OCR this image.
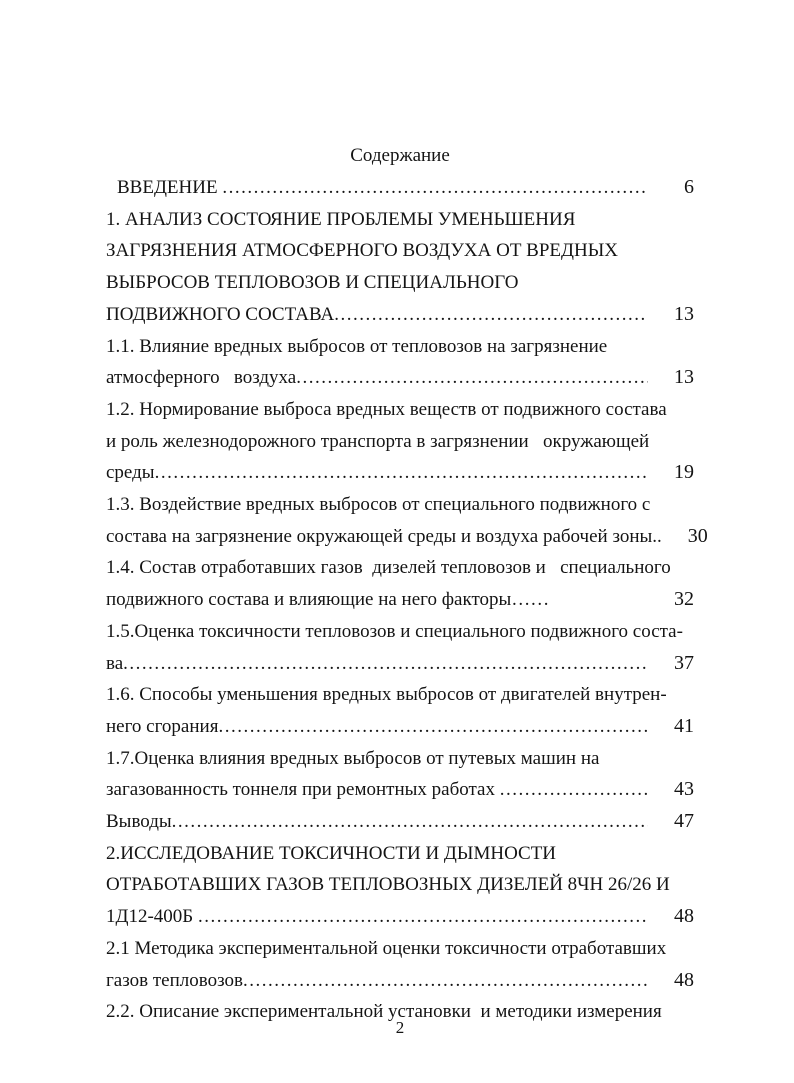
Содержание
ВВЕДЕНИЕ .....	6
1. АНАЛИЗ СОСТОЯНИЕ ПРОБЛЕМЫ УМЕНЬШЕНИЯ
ЗАГРЯЗНЕНИЯ АТМОСФЕРНОГО ВОЗДУХА ОТ ВРЕДНЫХ
ВЫБРОСОВ ТЕПЛОВОЗОВ И СПЕЦИАЛЬНОГО
ПОДВИЖНОГО СОСТАВА .....	13
1.1. Влияние вредных выбросов от тепловозов на загрязнение
атмосферного   воздуха .....	13
1.2. Нормирование выброса вредных веществ от подвижного состава
и роль железнодорожного транспорта в загрязнении   окружающей
среды .....	19
1.3. Воздействие вредных выбросов от специального подвижного с
состава на загрязнение окружающей среды и воздуха рабочей зоны..	30
1.4. Состав отработавших газов  дизелей тепловозов и   специального
подвижного состава и влияющие на него факторы……	32
1.5.Оценка токсичности тепловозов и специального подвижного соста-
ва .....	37
1.6. Способы уменьшения вредных выбросов от двигателей внутрен-
него сгорания .....	41
1.7.Оценка влияния вредных выбросов от путевых машин на
загазованность тоннеля при ремонтных работах .....	43
Выводы .....	47
2.ИССЛЕДОВАНИЕ ТОКСИЧНОСТИ И ДЫМНОСТИ
ОТРАБОТАВШИХ ГАЗОВ ТЕПЛОВОЗНЫХ ДИЗЕЛЕЙ 8ЧН 26/26 И
1Д12-400Б .....	48
2.1 Методика экспериментальной оценки токсичности отработавших
газов тепловозов .....	48
2.2. Описание экспериментальной установки  и методики измерения
2
